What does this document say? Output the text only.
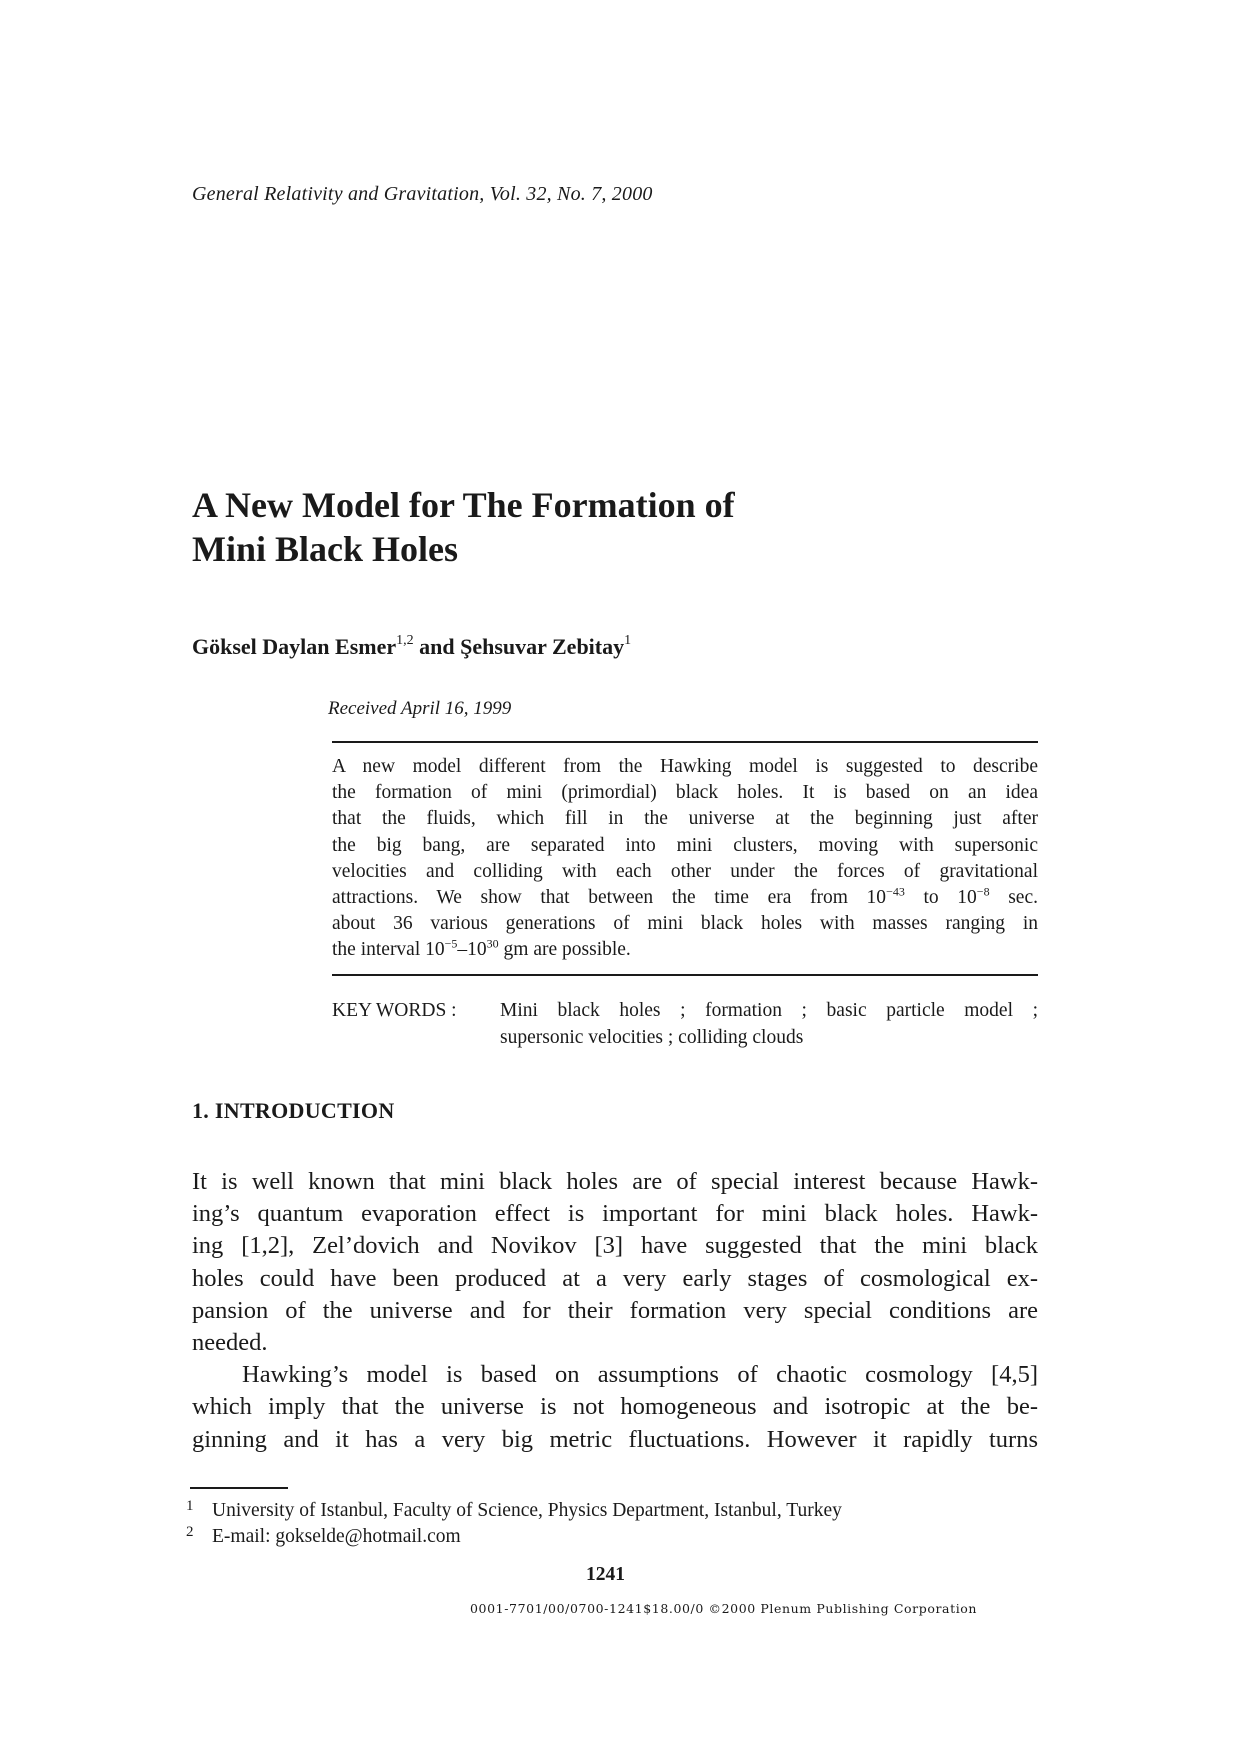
General Relativity and Gravitation, Vol. 32, No. 7, 2000
A New Model for The Formation of
Mini Black Holes
Göksel Daylan Esmer$^{1,2}$ and Şehsuvar Zebitay$^1$
Received April 16, 1999
A new model different from the Hawking model is suggested to describe
the formation of mini (primordial) black holes. It is based on an idea
that the fluids, which fill in the universe at the beginning just after
the big bang, are separated into mini clusters, moving with supersonic
velocities and colliding with each other under the forces of gravitational
attractions. We show that between the time era from $10^{-43}$ to $10^{-8}$ sec.
about 36 various generations of mini black holes with masses ranging in
the interval $10^{-5}-10^{30}$ gm are possible.
KEY WORDS : Mini black holes ; formation ; basic particle model ;
supersonic velocities ; colliding clouds
1. INTRODUCTION
It is well known that mini black holes are of special interest because Hawk-
ing’s quantum evaporation effect is important for mini black holes. Hawk-
ing [1,2], Zel’dovich and Novikov [3] have suggested that the mini black
holes could have been produced at a very early stages of cosmological ex-
pansion of the universe and for their formation very special conditions are
needed.
Hawking’s model is based on assumptions of chaotic cosmology [4,5]
which imply that the universe is not homogeneous and isotropic at the be-
ginning and it has a very big metric fluctuations. However it rapidly turns
1 University of Istanbul, Faculty of Science, Physics Department, Istanbul, Turkey
2 E-mail: gokselde@hotmail.com
1241
0001-7701/00/0700-1241$18.00/0 ©2000 Plenum Publishing Corporation
